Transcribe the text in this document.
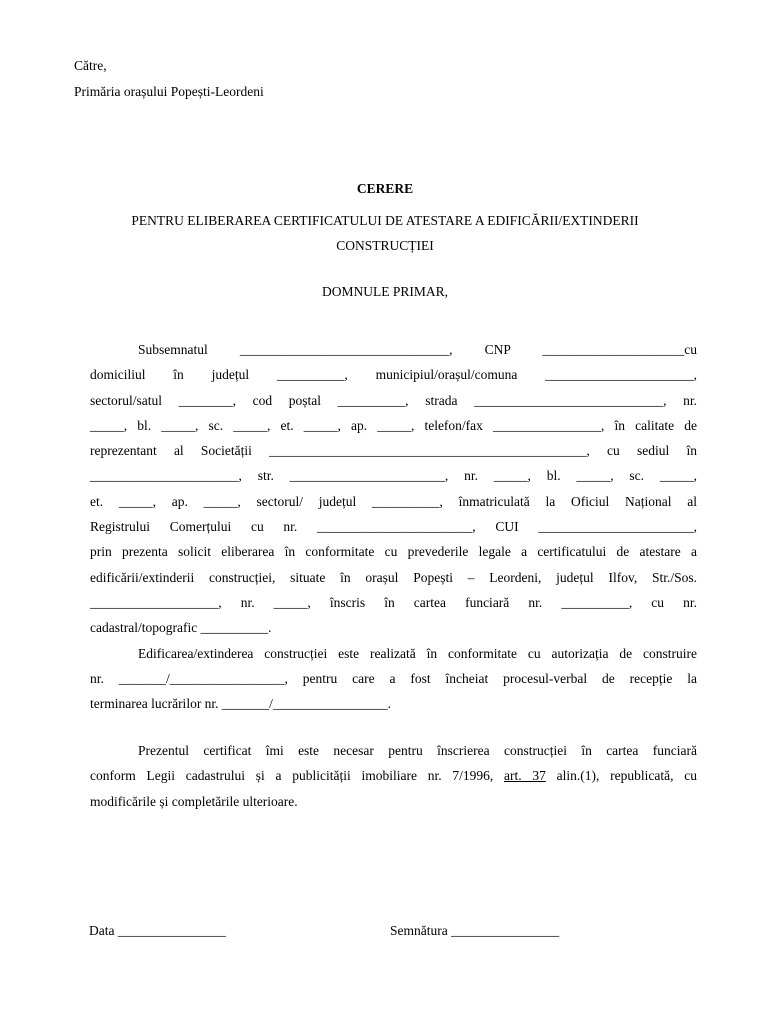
Către,
Primăria orașului Popești-Leordeni
CERERE
PENTRU ELIBERAREA CERTIFICATULUI DE ATESTARE A EDIFICĂRII/EXTINDERII
CONSTRUCȚIEI
DOMNULE PRIMAR,
Subsemnatul _______________________________, CNP _____________________cu
domiciliul în județul __________, municipiul/orașul/comuna ______________________,
sectorul/satul ________, cod poștal __________, strada ____________________________, nr.
_____, bl. _____, sc. _____, et. _____, ap. _____, telefon/fax ________________, în calitate de
reprezentant al Societății _______________________________________________, cu sediul în
______________________, str. _______________________, nr. _____, bl. _____, sc. _____,
et. _____, ap. _____, sectorul/ județul __________, înmatriculată la Oficiul Național al
Registrului Comerțului cu nr. _______________________, CUI _______________________,
prin prezenta solicit eliberarea în conformitate cu prevederile legale a certificatului de atestare a
edificării/extinderii construcției, situate în orașul Popești – Leordeni, județul Ilfov, Str./Sos.
___________________, nr. _____, înscris în cartea funciară nr. __________, cu nr.
cadastral/topografic __________.
Edificarea/extinderea construcției este realizată în conformitate cu autorizația de construire
nr. _______/_________________, pentru care a fost încheiat procesul-verbal de recepție la
terminarea lucrărilor nr. _______/_________________.
Prezentul certificat îmi este necesar pentru înscrierea construcției în cartea funciară
conform Legii cadastrului și a publicității imobiliare nr. 7/1996, art. 37 alin.(1), republicată, cu
modificările și completările ulterioare.
Data ________________	Semnătura ________________
